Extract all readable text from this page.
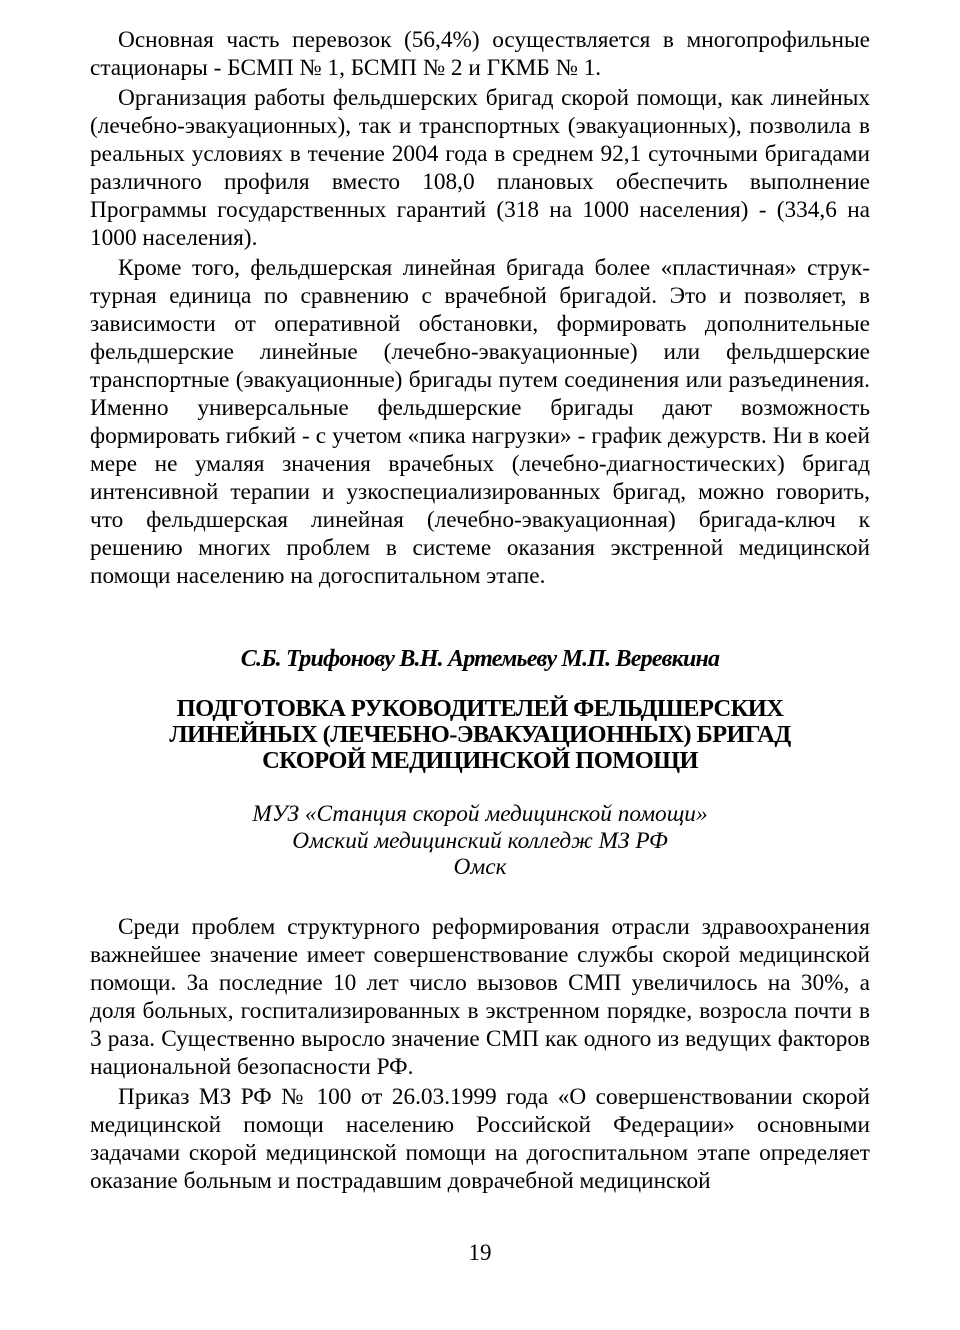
Основная часть перевозок (56,4%) осуществляется в многопрофильные стационары - БСМП № 1, БСМП № 2 и ГКМБ № 1.

Организация работы фельдшерских бригад скорой помощи, как линейных (лечебно-эвакуационных), так и транспортных (эвакуационных), позволила в реальных условиях в течение 2004 года в среднем 92,1 суточными бригадами различного профиля вместо 108,0 плановых обеспечить выполнение Программы государственных гарантий (318 на 1000 населения) - (334,6 на 1000 населения).

Кроме того, фельдшерская линейная бригада более «пластичная» структурная единица по сравнению с врачебной бригадой. Это и позволяет, в зависимости от оперативной обстановки, формировать дополнительные фельдшерские линейные (лечебно-эвакуационные) или фельдшерские транспортные (эвакуационные) бригады путем соединения или разъединения. Именно универсальные фельдшерские бригады дают возможность формировать гибкий - с учетом «пика нагрузки» - график дежурств. Ни в коей мере не умаляя значения врачебных (лечебно-диагностических) бригад интенсивной терапии и узкоспециализированных бригад, можно говорить, что фельдшерская линейная (лечебно-эвакуационная) бригада-ключ к решению многих проблем в системе оказания экстренной медицинской помощи населению на догоспитальном этапе.

С.Б. Трифонову В.Н. Артемьеву М.П. Веревкина
ПОДГОТОВКА РУКОВОДИТЕЛЕЙ ФЕЛЬДШЕРСКИХ
ЛИНЕЙНЫХ (ЛЕЧЕБНО-ЭВАКУАЦИОННЫХ) БРИГАД
СКОРОЙ МЕДИЦИНСКОЙ ПОМОЩИ
МУЗ «Станция скорой медицинской помощи»
Омский медицинский колледж МЗ РФ
Омск

Среди проблем структурного реформирования отрасли здравоохранения важнейшее значение имеет совершенствование службы скорой медицинской помощи. За последние 10 лет число вызовов СМП увеличилось на 30%, а доля больных, госпитализированных в экстренном порядке, возросла почти в 3 раза. Существенно выросло значение СМП как одного из ведущих факторов национальной безопасности РФ.

Приказ МЗ РФ № 100 от 26.03.1999 года «О совершенствовании скорой медицинской помощи населению Российской Федерации» основными задачами скорой медицинской помощи на догоспитальном этапе определяет оказание больным и пострадавшим доврачебной медицинской

19
